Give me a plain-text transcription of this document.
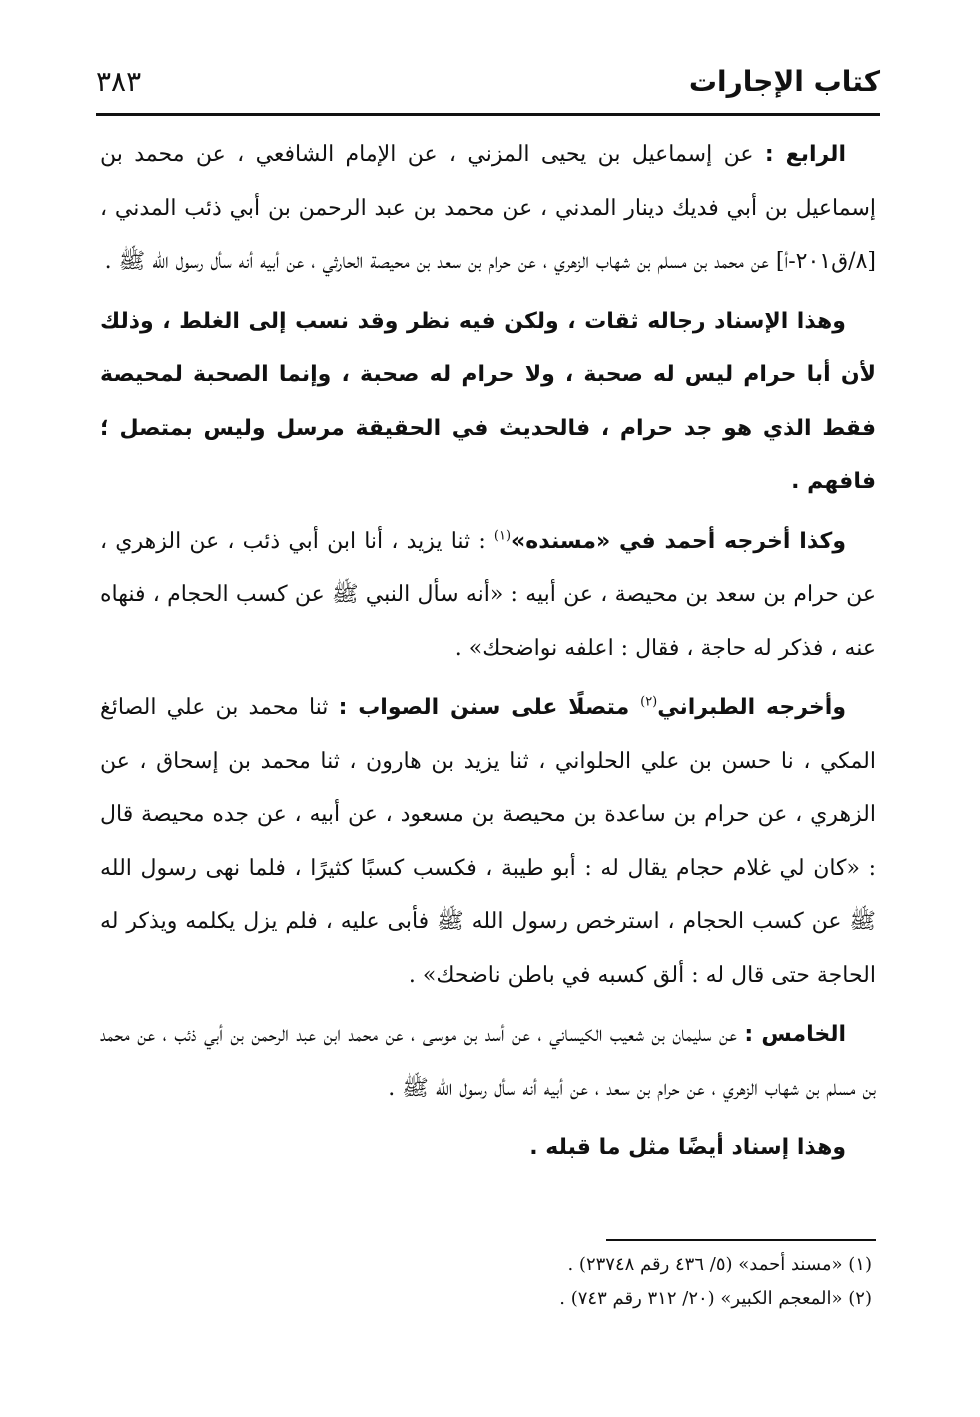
كتاب الإجارات
٣٨٣

الرابع : عن إسماعيل بن يحيى المزني ، عن الإمام الشافعي ، عن محمد بن إسماعيل بن أبي فديك دينار المدني ، عن محمد بن عبد الرحمن بن أبي ذئب المدني ، [٨/ق٢٠١-أ] عن محمد بن مسلم بن شهاب الزهري ، عن حرام بن سعد بن محيصة الحارثي ، عن أبيه أنه سأل رسول الله ﷺ .

وهذا الإسناد رجاله ثقات ، ولكن فيه نظر وقد نسب إلى الغلط ، وذلك لأن أبا حرام ليس له صحبة ، ولا حرام له صحبة ، وإنما الصحبة لمحيصة فقط الذي هو جد حرام ، فالحديث في الحقيقة مرسل وليس بمتصل ؛ فافهم .

وكذا أخرجه أحمد في «مسنده»$^{(١)}$ : ثنا يزيد ، أنا ابن أبي ذئب ، عن الزهري ، عن حرام بن سعد بن محيصة ، عن أبيه : «أنه سأل النبي ﷺ عن كسب الحجام ، فنهاه عنه ، فذكر له حاجة ، فقال : اعلفه نواضحك» .

وأخرجه الطبراني$^{(٢)}$ متصلًا على سنن الصواب : ثنا محمد بن علي الصائغ المكي ، نا حسن بن علي الحلواني ، ثنا يزيد بن هارون ، ثنا محمد بن إسحاق ، عن الزهري ، عن حرام بن ساعدة بن محيصة بن مسعود ، عن أبيه ، عن جده محيصة قال : «كان لي غلام حجام يقال له : أبو طيبة ، فكسب كسبًا كثيرًا ، فلما نهى رسول الله ﷺ عن كسب الحجام ، استرخص رسول الله ﷺ فأبى عليه ، فلم يزل يكلمه ويذكر له الحاجة حتى قال له : ألق كسبه في باطن ناضحك» .

الخامس : عن سليمان بن شعيب الكيساني ، عن أسد بن موسى ، عن محمد ابن عبد الرحمن بن أبي ذئب ، عن محمد بن مسلم بن شهاب الزهري ، عن حرام بن سعد ، عن أبيه أنه سأل رسول الله ﷺ .

وهذا إسناد أيضًا مثل ما قبله .

(١) «مسند أحمد» (٥/ ٤٣٦ رقم ٢٣٧٤٨) .

(٢) «المعجم الكبير» (٢٠/ ٣١٢ رقم ٧٤٣) .
